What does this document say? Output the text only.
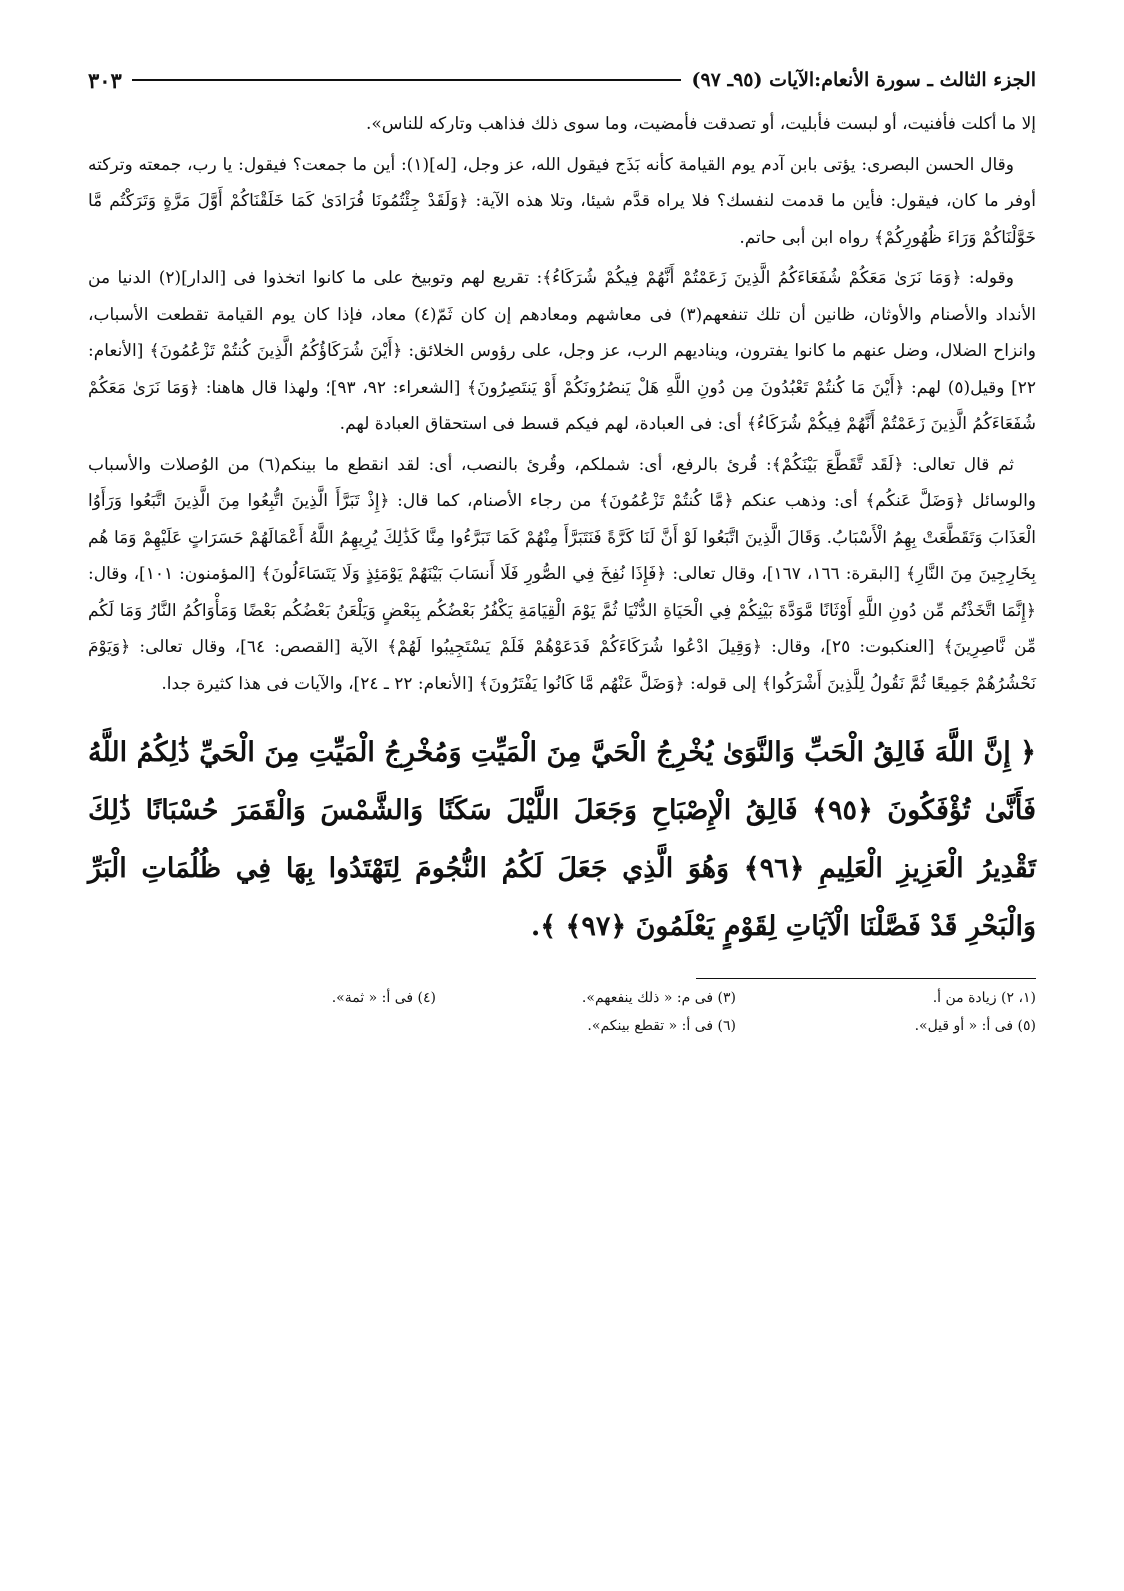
الجزء الثالث ـ سورة الأنعام:الآيات (٩٥ـ ٩٧)
٣٠٣

إلا ما أكلت فأفنيت، أو لبست فأبليت، أو تصدقت فأمضيت، وما سوى ذلك فذاهب وتاركه للناس».

وقال الحسن البصرى: يؤتى بابن آدم يوم القيامة كأنه بَذَج فيقول الله، عز وجل، [له](١): أين ما جمعت؟ فيقول: يا رب، جمعته وتركته أوفر ما كان، فيقول: فأين ما قدمت لنفسك؟ فلا يراه قدَّم شيئا، وتلا هذه الآية: ﴿وَلَقَدْ جِئْتُمُونَا فُرَادَىٰ كَمَا خَلَقْنَاكُمْ أَوَّلَ مَرَّةٍ وَتَرَكْتُم مَّا خَوَّلْنَاكُمْ وَرَاءَ ظُهُورِكُمْ﴾ رواه ابن أبى حاتم.

وقوله: ﴿وَمَا نَرَىٰ مَعَكُمْ شُفَعَاءَكُمُ الَّذِينَ زَعَمْتُمْ أَنَّهُمْ فِيكُمْ شُرَكَاءُ﴾: تقريع لهم وتوبيخ على ما كانوا اتخذوا فى [الدار](٢) الدنيا من الأنداد والأصنام والأوثان، ظانين أن تلك تنفعهم(٣) فى معاشهم ومعادهم إن كان ثَمّ(٤) معاد، فإذا كان يوم القيامة تقطعت الأسباب، وانزاح الضلال، وضل عنهم ما كانوا يفترون، ويناديهم الرب، عز وجل، على رؤوس الخلائق: ﴿أَيْنَ شُرَكَاؤُكُمُ الَّذِينَ كُنتُمْ تَزْعُمُونَ﴾ [الأنعام: ٢٢] وقيل(٥) لهم: ﴿أَيْنَ مَا كُنتُمْ تَعْبُدُونَ مِن دُونِ اللَّهِ هَلْ يَنصُرُونَكُمْ أَوْ يَنتَصِرُونَ﴾ [الشعراء: ٩٢، ٩٣]؛ ولهذا قال هاهنا: ﴿وَمَا نَرَىٰ مَعَكُمْ شُفَعَاءَكُمُ الَّذِينَ زَعَمْتُمْ أَنَّهُمْ فِيكُمْ شُرَكَاءُ﴾ أى: فى العبادة، لهم فيكم قسط فى استحقاق العبادة لهم.

ثم قال تعالى: ﴿لَقَد تَّقَطَّعَ بَيْنَكُمْ﴾: قُرئ بالرفع، أى: شملكم، وقُرئ بالنصب، أى: لقد انقطع ما بينكم(٦) من الوُصلات والأسباب والوسائل ﴿وَضَلَّ عَنكُم﴾ أى: وذهب عنكم ﴿مَّا كُنتُمْ تَزْعُمُونَ﴾ من رجاء الأصنام، كما قال: ﴿إِذْ تَبَرَّأَ الَّذِينَ اتُّبِعُوا مِنَ الَّذِينَ اتَّبَعُوا وَرَأَوُا الْعَذَابَ وَتَقَطَّعَتْ بِهِمُ الْأَسْبَابُ. وَقَالَ الَّذِينَ اتَّبَعُوا لَوْ أَنَّ لَنَا كَرَّةً فَنَتَبَرَّأَ مِنْهُمْ كَمَا تَبَرَّءُوا مِنَّا كَذَٰلِكَ يُرِيهِمُ اللَّهُ أَعْمَالَهُمْ حَسَرَاتٍ عَلَيْهِمْ وَمَا هُم بِخَارِجِينَ مِنَ النَّارِ﴾ [البقرة: ١٦٦، ١٦٧]، وقال تعالى: ﴿فَإِذَا نُفِخَ فِي الصُّورِ فَلَا أَنسَابَ بَيْنَهُمْ يَوْمَئِذٍ وَلَا يَتَسَاءَلُونَ﴾ [المؤمنون: ١٠١]، وقال: ﴿إِنَّمَا اتَّخَذْتُم مِّن دُونِ اللَّهِ أَوْثَانًا مَّوَدَّةَ بَيْنِكُمْ فِي الْحَيَاةِ الدُّنْيَا ثُمَّ يَوْمَ الْقِيَامَةِ يَكْفُرُ بَعْضُكُم بِبَعْضٍ وَيَلْعَنُ بَعْضُكُم بَعْضًا وَمَأْوَاكُمُ النَّارُ وَمَا لَكُم مِّن نَّاصِرِينَ﴾ [العنكبوت: ٢٥]، وقال: ﴿وَقِيلَ ادْعُوا شُرَكَاءَكُمْ فَدَعَوْهُمْ فَلَمْ يَسْتَجِيبُوا لَهُمْ﴾ الآية [القصص: ٦٤]، وقال تعالى: ﴿وَيَوْمَ نَحْشُرُهُمْ جَمِيعًا ثُمَّ نَقُولُ لِلَّذِينَ أَشْرَكُوا﴾ إلى قوله: ﴿وَضَلَّ عَنْهُم مَّا كَانُوا يَفْتَرُونَ﴾ [الأنعام: ٢٢ ـ ٢٤]، والآيات فى هذا كثيرة جدا.

﴿ إِنَّ اللَّهَ فَالِقُ الْحَبِّ وَالنَّوَىٰ يُخْرِجُ الْحَيَّ مِنَ الْمَيِّتِ وَمُخْرِجُ الْمَيِّتِ مِنَ الْحَيِّ ذَٰلِكُمُ اللَّهُ فَأَنَّىٰ تُؤْفَكُونَ ﴿٩٥﴾ فَالِقُ الْإِصْبَاحِ وَجَعَلَ اللَّيْلَ سَكَنًا وَالشَّمْسَ وَالْقَمَرَ حُسْبَانًا ذَٰلِكَ تَقْدِيرُ الْعَزِيزِ الْعَلِيمِ ﴿٩٦﴾ وَهُوَ الَّذِي جَعَلَ لَكُمُ النُّجُومَ لِتَهْتَدُوا بِهَا فِي ظُلُمَاتِ الْبَرِّ وَالْبَحْرِ قَدْ فَصَّلْنَا الْآيَاتِ لِقَوْمٍ يَعْلَمُونَ ﴿٩٧﴾ ﴾.

(١، ٢) زيادة من أ.
(٣) فى م: « ذلك ينفعهم».
(٤) فى أ: « ثمة».
(٥) فى أ: « أو قيل».
(٦) فى أ: « تقطع بينكم».
